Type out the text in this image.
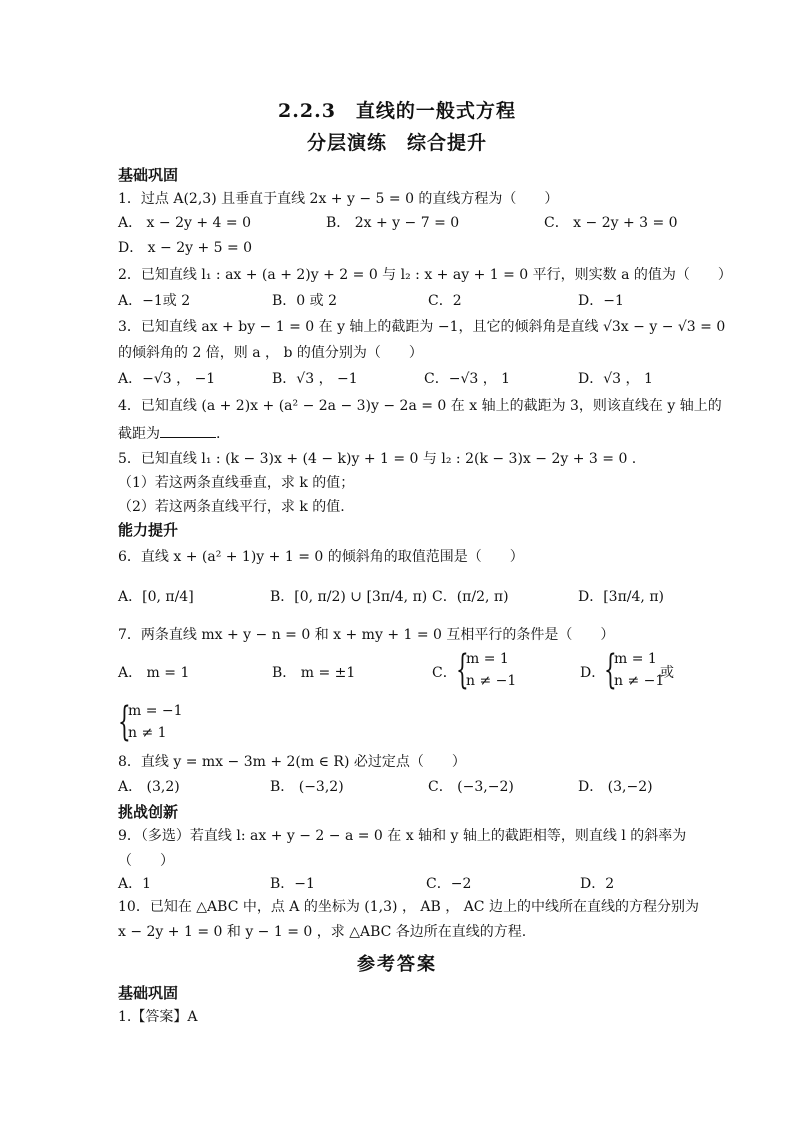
2.2.3　直线的一般式方程
分层演练　综合提升
基础巩固
1．过点 A(2,3) 且垂直于直线 2x + y − 5 = 0 的直线方程为（　　）
A． x − 2y + 4 = 0	B． 2x + y − 7 = 0	C． x − 2y + 3 = 0
D． x − 2y + 5 = 0
2．已知直线 l₁ : ax + (a + 2)y + 2 = 0 与 l₂ : x + ay + 1 = 0 平行，则实数 a 的值为（　　）
A．−1或 2	B．0 或 2	C．2	D．−1
3．已知直线 ax + by − 1 = 0 在 y 轴上的截距为 −1，且它的倾斜角是直线 √3x − y − √3 = 0
的倾斜角的 2 倍，则 a ， b 的值分别为（　　）
A．−√3 ， −1	B．√3 ， −1	C．−√3 ， 1	D．√3 ， 1
4．已知直线 (a + 2)x + (a² − 2a − 3)y − 2a = 0 在 x 轴上的截距为 3，则该直线在 y 轴上的
截距为	.
5．已知直线 l₁ : (k − 3)x + (4 − k)y + 1 = 0 与 l₂ : 2(k − 3)x − 2y + 3 = 0 .
（1）若这两条直线垂直，求 k 的值；
（2）若这两条直线平行，求 k 的值.
能力提升
6．直线 x + (a² + 1)y + 1 = 0 的倾斜角的取值范围是（　　）
A．[0, π/4]	B．[0, π/2) ∪ [3π/4, π) C．(π/2, π)	D．[3π/4, π)
7．两条直线 mx + y − n = 0 和 x + my + 1 = 0 互相平行的条件是（　　）
A． m = 1	B． m = ±1	C． {
m = 1
n ≠ −1	D．
{
m = 1
n ≠ −1
或
{
m = −1
n ≠ 1
8．直线 y = mx − 3m + 2(m ∈ R) 必过定点（　　）
A． (3,2)	B． (−3,2)	C． (−3,−2)	D． (3,−2)
挑战创新
9．（多选）若直线 l: ax + y − 2 − a = 0 在 x 轴和 y 轴上的截距相等，则直线 l 的斜率为
（　　）
A．1	B．−1	C．−2	D．2
10．已知在 △ABC 中，点 A 的坐标为 (1,3) ， AB ， AC 边上的中线所在直线的方程分别为
x − 2y + 1 = 0 和 y − 1 = 0 ，求 △ABC 各边所在直线的方程.
参考答案
基础巩固
1.【答案】A
